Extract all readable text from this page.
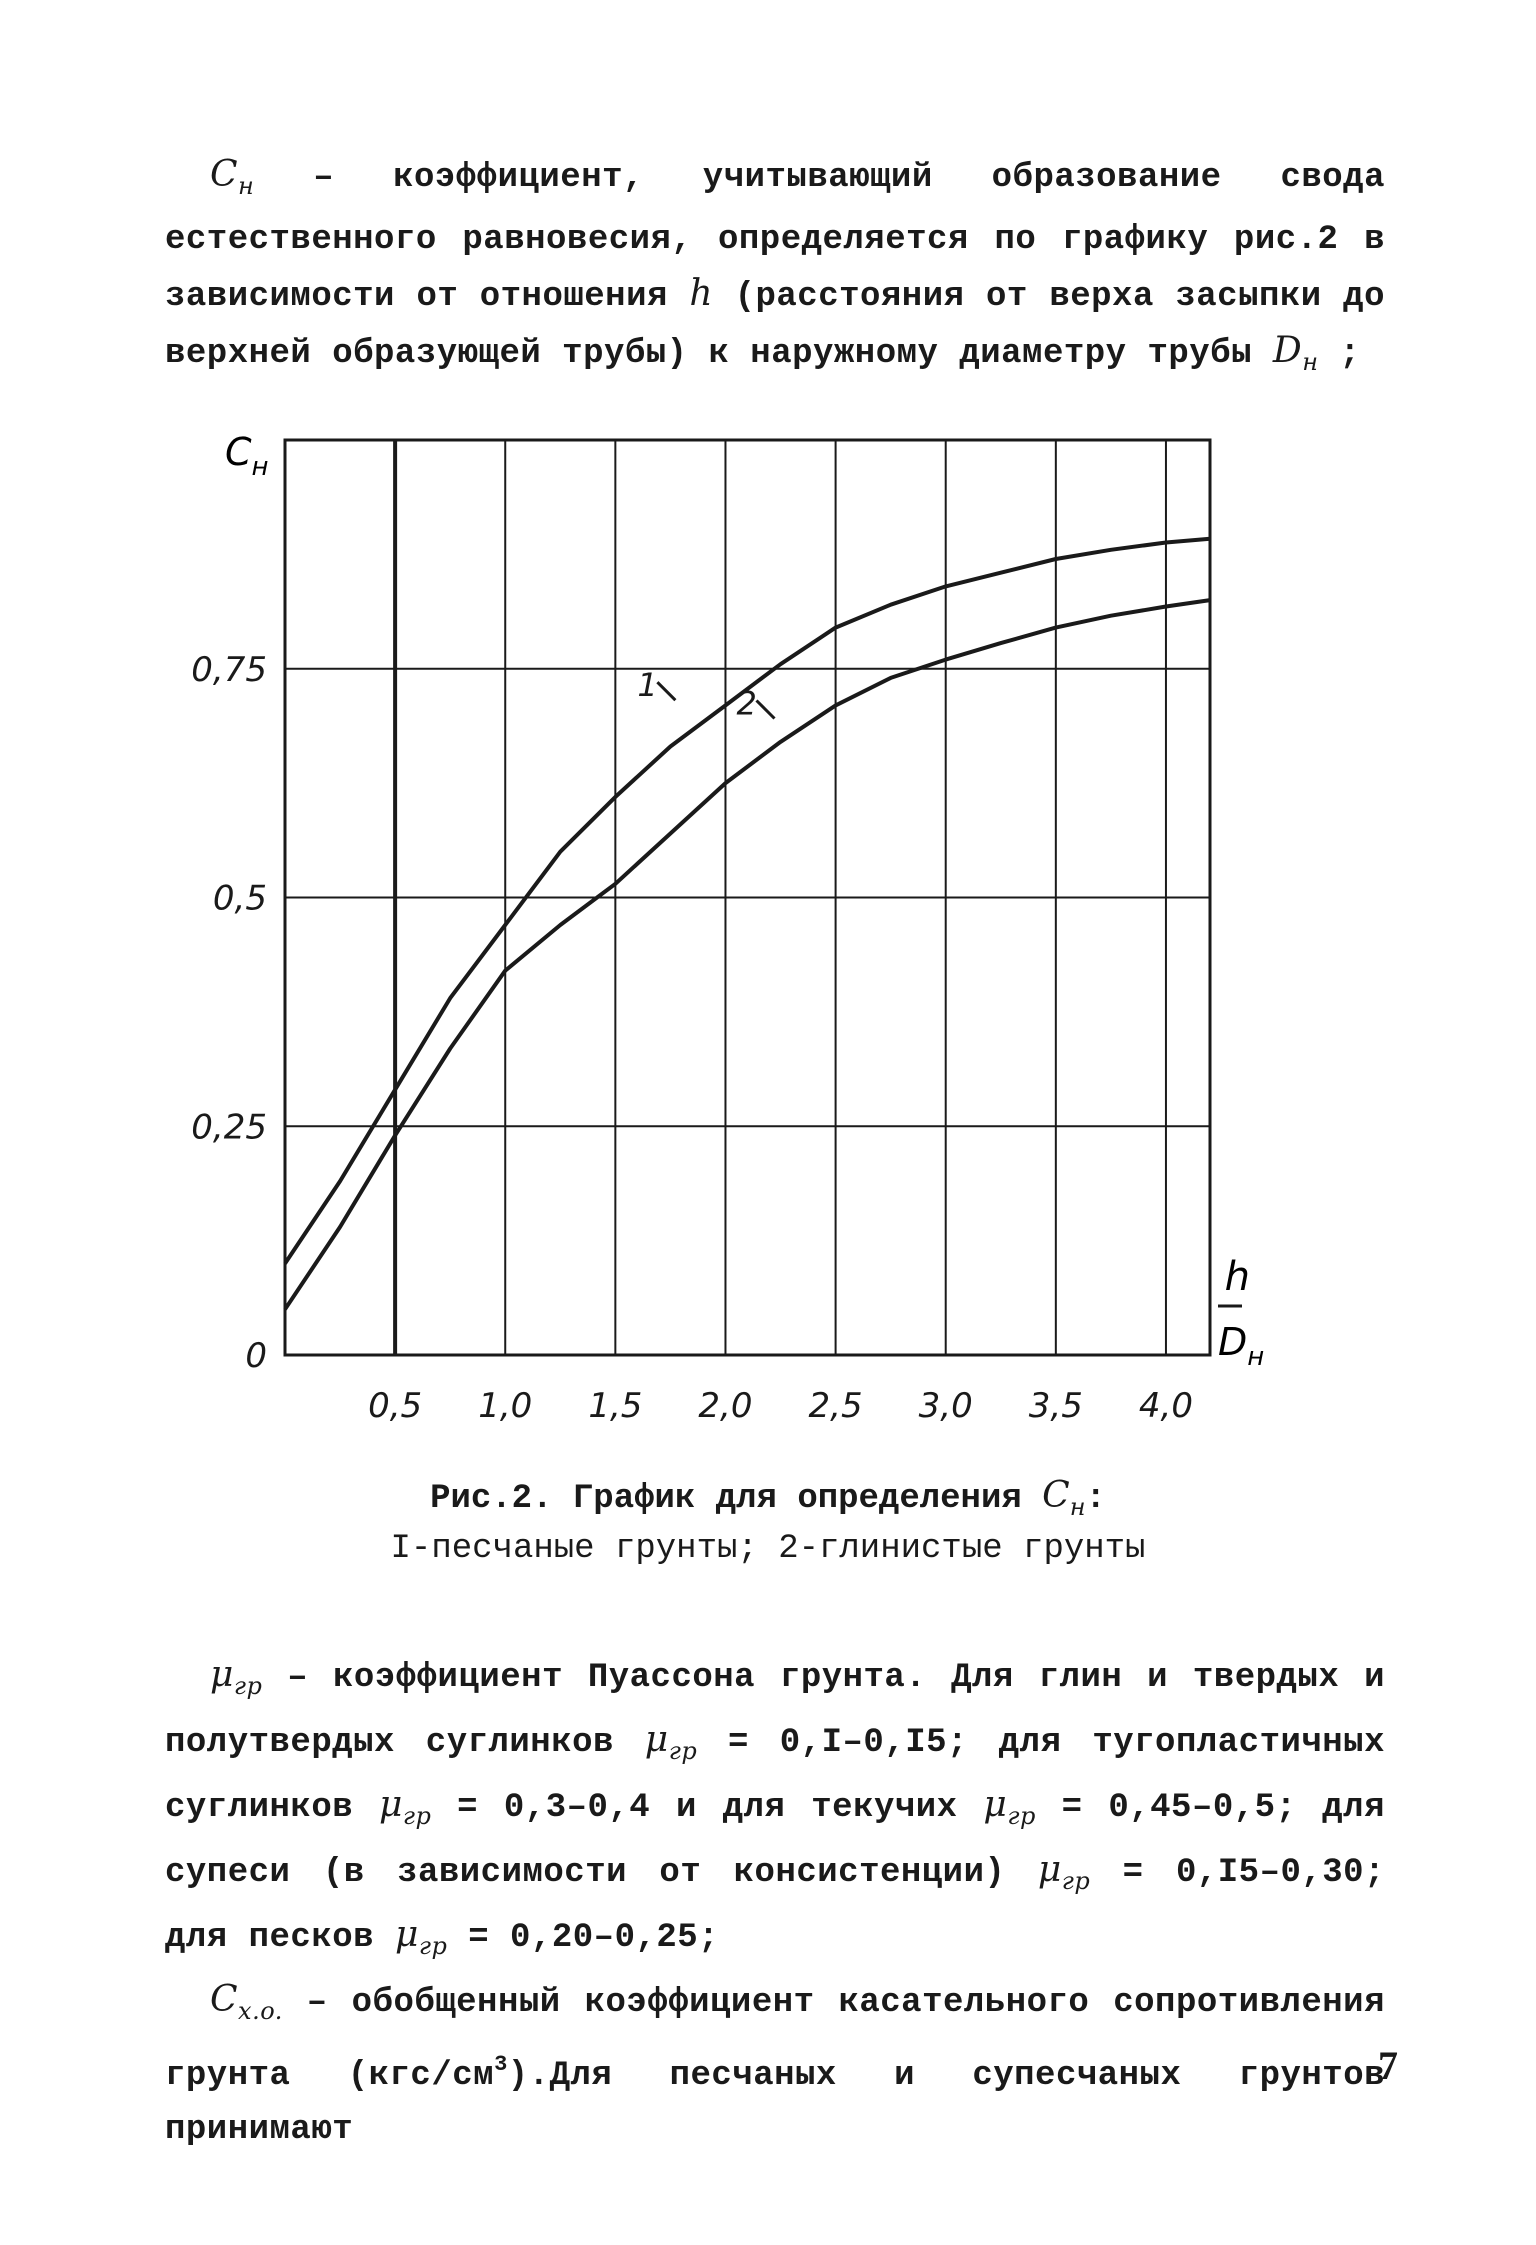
$C_н$ – коэффициент, учитывающий образование свода естественного равновесия, определяется по графику рис.2 в зависимости от отношения h (расстояния от верха засыпки до верхней образующей трубы) к наружному диаметру трубы $D_н$ ;
1 2
0,5 1,0 1,5 2,0 2,5 3,0 3,5 4,0
0
0,25
0,5
0,75
$C_н$
h
$D_н$
Рис.2. График для определения $C_н$:
I-песчаные грунты; 2-глинистые грунты
$\mu_{гр}$ – коэффициент Пуассона грунта. Для глин и твердых и полутвердых суглинков $\mu_{гр} = 0,I-0,I5$; для тугопластичных суглинков $\mu_{гр} = 0,3-0,4$ и для текучих $\mu_{гр} = 0,45-0,5$; для супеси (в зависимости от консистенции) $\mu_{гр} = 0,I5-0,30$; для песков $\mu_{гр} = 0,20-0,25$;
$C_{x.o.}$ – обобщенный коэффициент касательного сопротивления грунта $(кгс/см^3).Для$ песчаных и супесчаных грунтов принимают
7
